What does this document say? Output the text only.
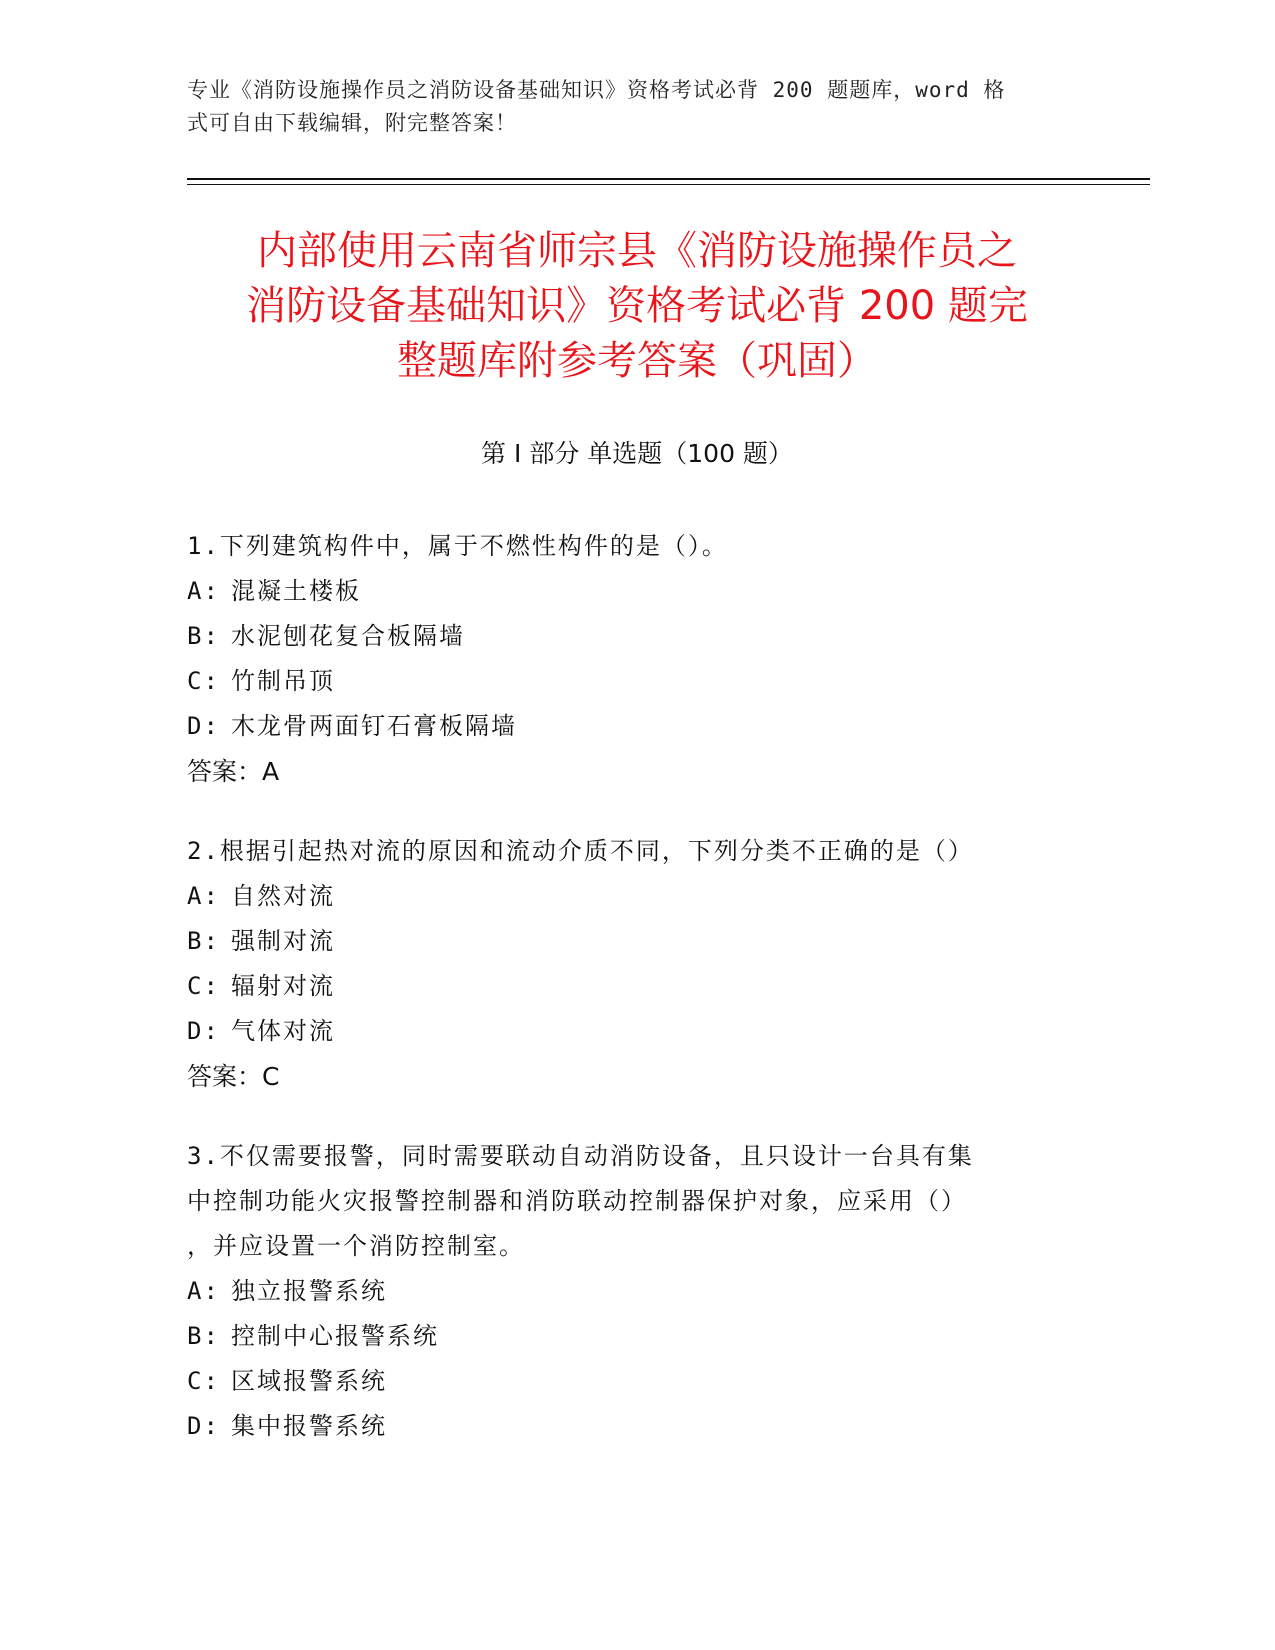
专业《消防设施操作员之消防设备基础知识》资格考试必背 200 题题库，word 格
式可自由下载编辑，附完整答案！
内部使用云南省师宗县《消防设施操作员之
消防设备基础知识》资格考试必背 200 题完
整题库附参考答案（巩固）
第 I 部分 单选题（100 题）
1.下列建筑构件中，属于不燃性构件的是（）。
A: 混凝土楼板
B: 水泥刨花复合板隔墙
C: 竹制吊顶
D: 木龙骨两面钉石膏板隔墙
答案：A
2.根据引起热对流的原因和流动介质不同，下列分类不正确的是（）
A: 自然对流
B: 强制对流
C: 辐射对流
D: 气体对流
答案：C
3.不仅需要报警，同时需要联动自动消防设备，且只设计一台具有集
中控制功能火灾报警控制器和消防联动控制器保护对象，应采用（）
，并应设置一个消防控制室。
A: 独立报警系统
B: 控制中心报警系统
C: 区域报警系统
D: 集中报警系统
